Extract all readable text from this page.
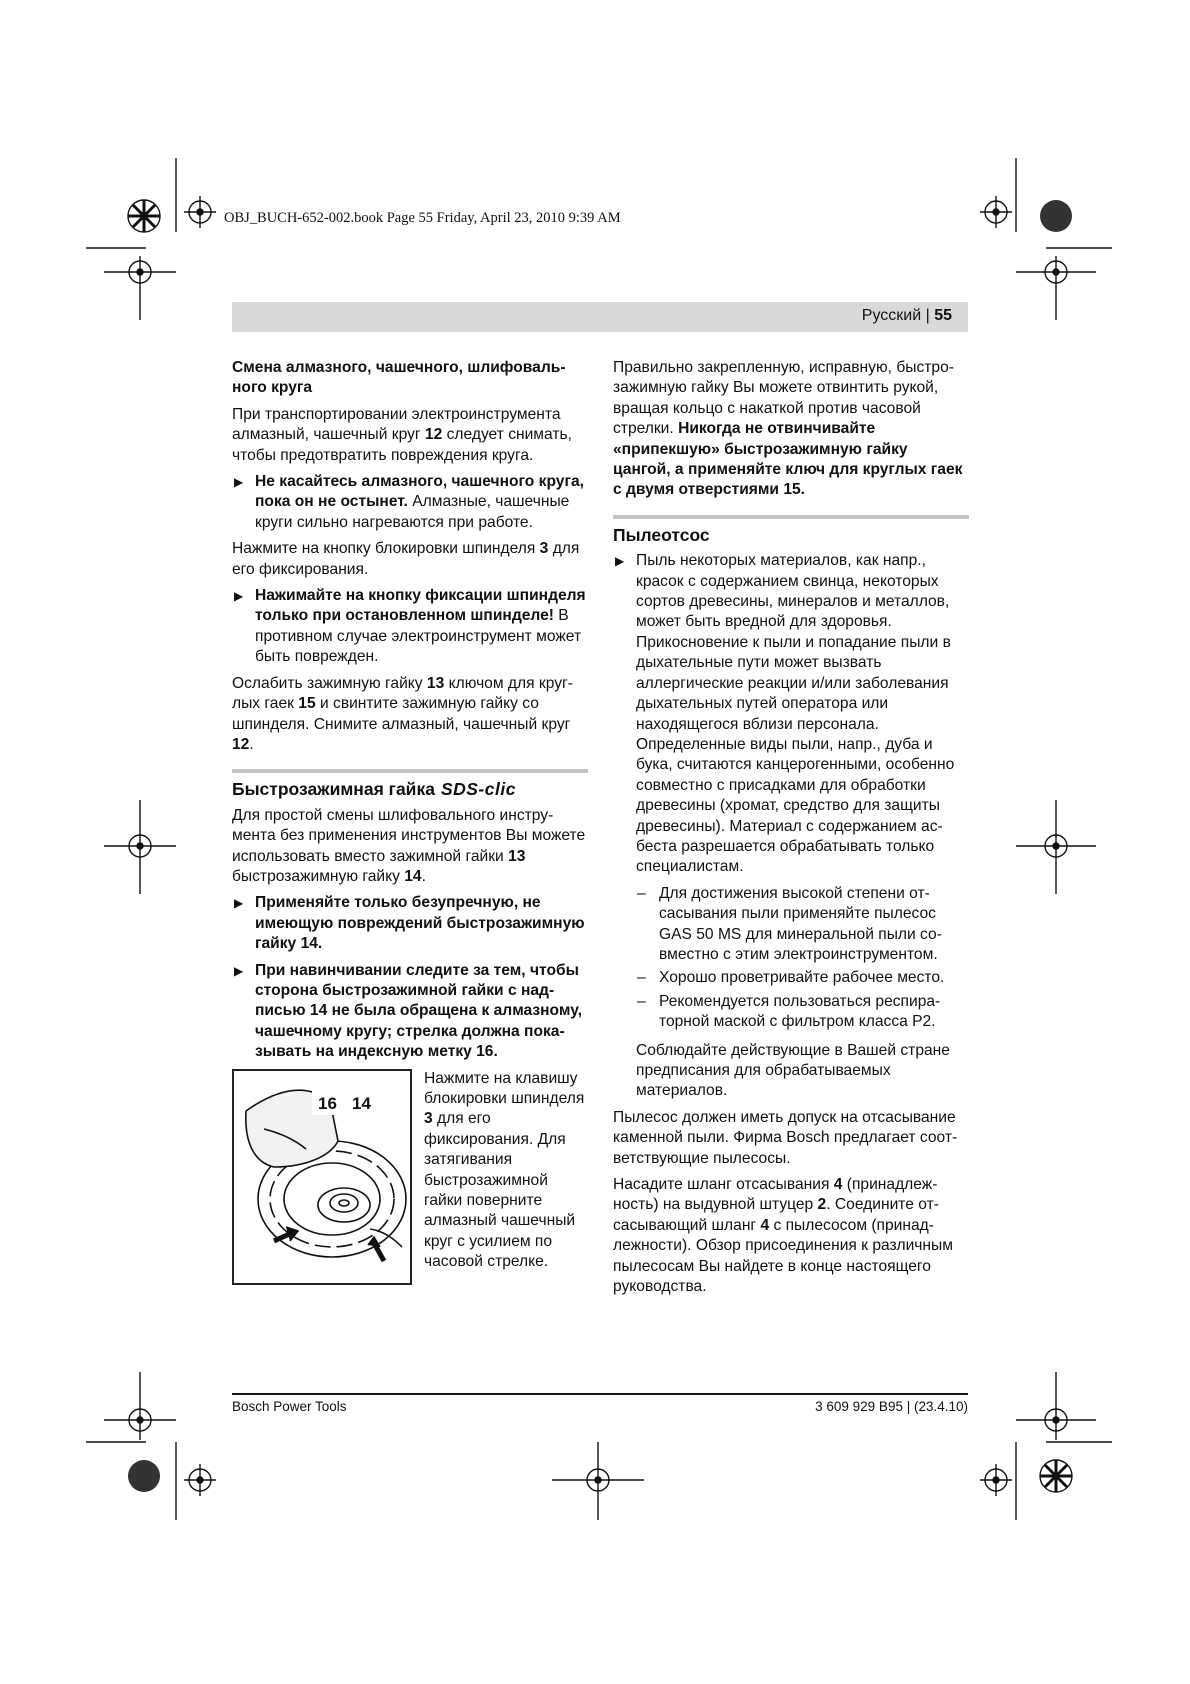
OBJ_BUCH-652-002.book Page 55 Friday, April 23, 2010 9:39 AM
Русский | 55
Смена алмазного, чашечного, шлифовального круга

При транспортировании электроинструмента алмазный, чашечный круг 12 следует снимать, чтобы предотвратить повреждения круга.

▶ Не касайтесь алмазного, чашечного круга, пока он не остынет. Алмазные, чашечные круги сильно нагреваются при работе.

Нажмите на кнопку блокировки шпинделя 3 для его фиксирования.

▶ Нажимайте на кнопку фиксации шпинделя только при остановленном шпинделе! В противном случае электроинструмент может быть поврежден.

Ослабить зажимную гайку 13 ключом для круглых гаек 15 и свинтите зажимную гайку со шпинделя. Снимите алмазный, чашечный круг 12.

Быстрозажимная гайка SDS-clic

Для простой смены шлифовального инструмента без применения инструментов Вы можете использовать вместо зажимной гайки 13 быстрозажимную гайку 14.

▶ Применяйте только безупречную, не имеющую повреждений быстрозажимную гайку 14.
▶ При навинчивании следите за тем, чтобы сторона быстрозажимной гайки с надписью 14 не была обращена к алмазному, чашечному кругу; стрелка должна показывать на индексную метку 16.
16 14
Нажмите на клавишу блокировки шпинделя 3 для его фиксирования. Для затягивания быстрозажимной гайки поверните алмазный чашечный круг с усилием по часовой стрелке.

Правильно закрепленную, исправную, быстрозажимную гайку Вы можете отвинтить рукой, вращая кольцо с накаткой против часовой стрелки. Никогда не отвинчивайте «припекшую» быстрозажимную гайку цангой, а применяйте ключ для круглых гаек с двумя отверстиями 15.

Пылеотсос
▶ Пыль некоторых материалов, как напр., красок с содержанием свинца, некоторых сортов древесины, минералов и металлов, может быть вредной для здоровья. Прикосновение к пыли и попадание пыли в дыхательные пути может вызвать аллергические реакции и/или заболевания дыхательных путей оператора или находящегося вблизи персонала. Определенные виды пыли, напр., дуба и бука, считаются канцерогенными, особенно совместно с присадками для обработки древесины (хромат, средство для защиты древесины). Материал с содержанием асбеста разрешается обрабатывать только специалистам.
– Для достижения высокой степени отсасывания пыли применяйте пылесос GAS 50 MS для минеральной пыли совместно с этим электроинструментом.
– Хорошо проветривайте рабочее место.
– Рекомендуется пользоваться респираторной маской с фильтром класса P2.

Соблюдайте действующие в Вашей стране предписания для обрабатываемых материалов.

Пылесос должен иметь допуск на отсасывание каменной пыли. Фирма Bosch предлагает соответствующие пылесосы.

Насадите шланг отсасывания 4 (принадлежность) на выдувной штуцер 2. Соедините отсасывающий шланг 4 с пылесосом (принадлежности). Обзор присоединения к различным пылесосам Вы найдете в конце настоящего руководства.

Bosch Power Tools	3 609 929 B95 | (23.4.10)
